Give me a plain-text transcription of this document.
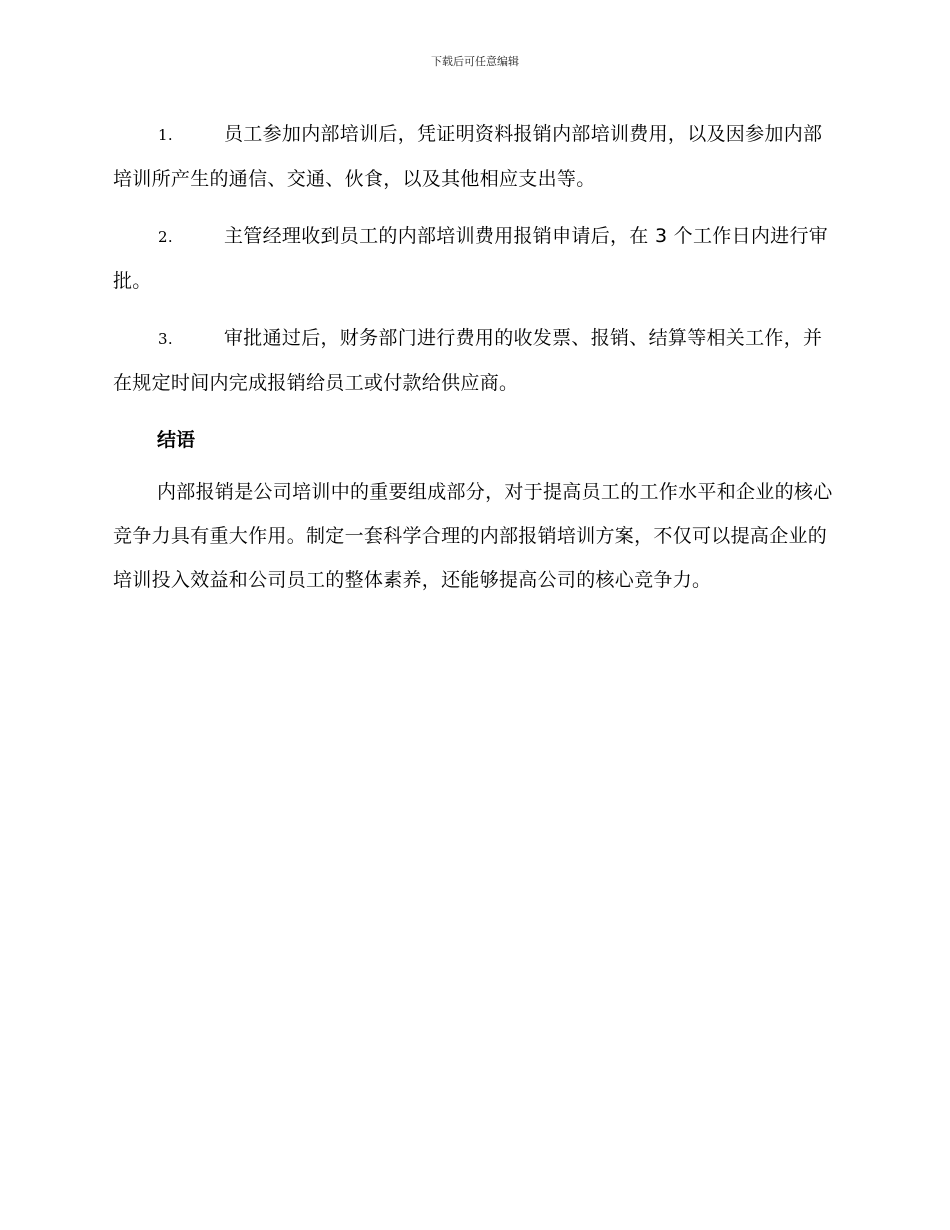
下载后可任意编辑

1.	员工参加内部培训后，凭证明资料报销内部培训费用，以及因参加内部培训所产生的通信、交通、伙食，以及其他相应支出等。

2.	主管经理收到员工的内部培训费用报销申请后，在 3 个工作日内进行审批。

3.	审批通过后，财务部门进行费用的收发票、报销、结算等相关工作，并在规定时间内完成报销给员工或付款给供应商。

结语

内部报销是公司培训中的重要组成部分，对于提高员工的工作水平和企业的核心竞争力具有重大作用。制定一套科学合理的内部报销培训方案，不仅可以提高企业的培训投入效益和公司员工的整体素养，还能够提高公司的核心竞争力。
